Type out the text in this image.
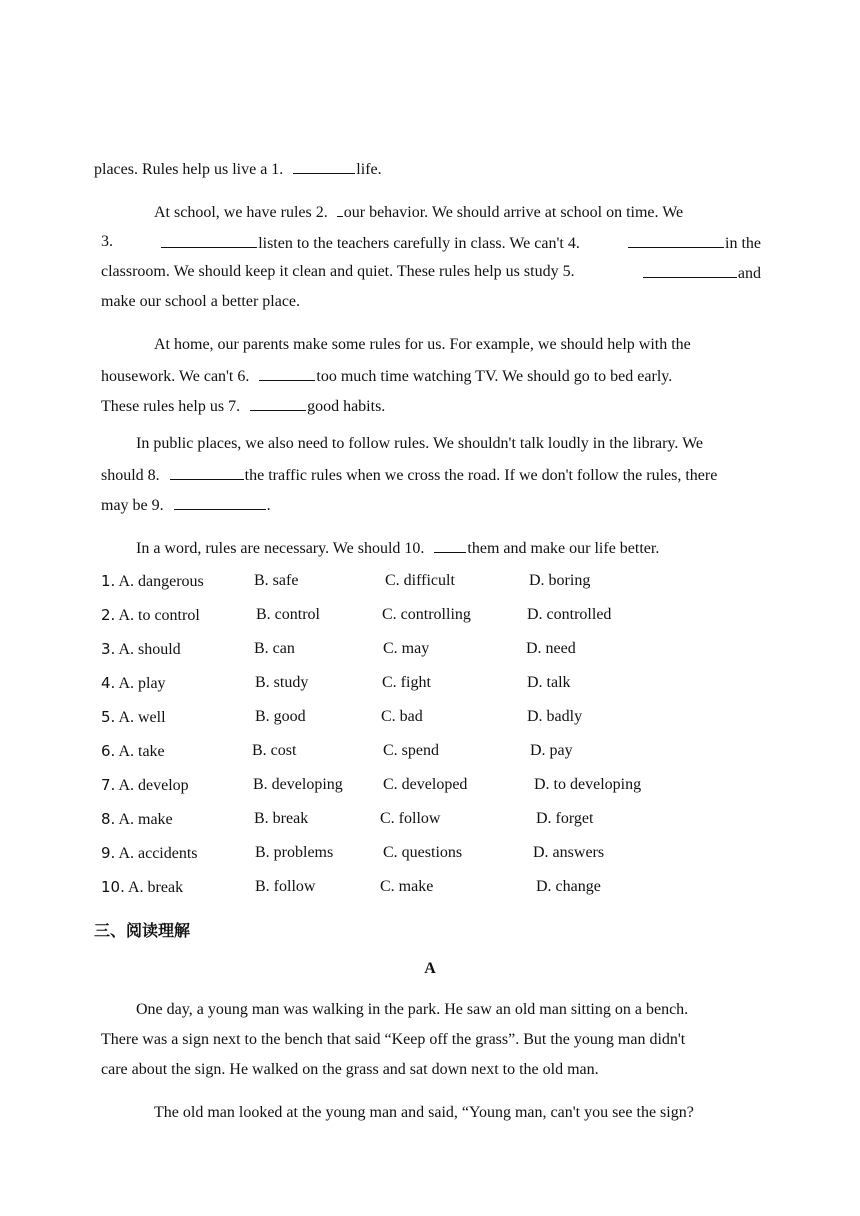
places. Rules help us live a 1.	life.
At school, we have rules 2. our behavior. We should arrive at school on time. We
3.	listen to the teachers carefully in class. We can't 4.	in the
classroom. We should keep it clean and quiet. These rules help us study 5.	and
make our school a better place.
At home, our parents make some rules for us. For example, we should help with the
housework. We can't 6.	too much time watching TV. We should go to bed early.
These rules help us 7.	good habits.
In public places, we also need to follow rules. We shouldn't talk loudly in the library. We
should 8.	the traffic rules when we cross the road. If we don't follow the rules, there
may be 9.	.
In a word, rules are necessary. We should 10.	them and make our life better.
1. A. dangerous	B. safe	C. difficult	D. boring
2. A. to control	B. control	C. controlling	D. controlled
3. A. should	B. can	C. may	D. need
4. A. play	B. study	C. fight	D. talk
5. A. well	B. good	C. bad	D. badly
6. A. take	B. cost	C. spend	D. pay
7. A. develop	B. developing	C. developed	D. to developing
8. A. make	B. break	C. follow	D. forget
9. A. accidents	B. problems	C. questions	D. answers
10. A. break	B. follow	C. make	D. change
三、阅读理解
A
One day, a young man was walking in the park. He saw an old man sitting on a bench.
There was a sign next to the bench that said “Keep off the grass”. But the young man didn't
care about the sign. He walked on the grass and sat down next to the old man.
The old man looked at the young man and said, “Young man, can't you see the sign?
